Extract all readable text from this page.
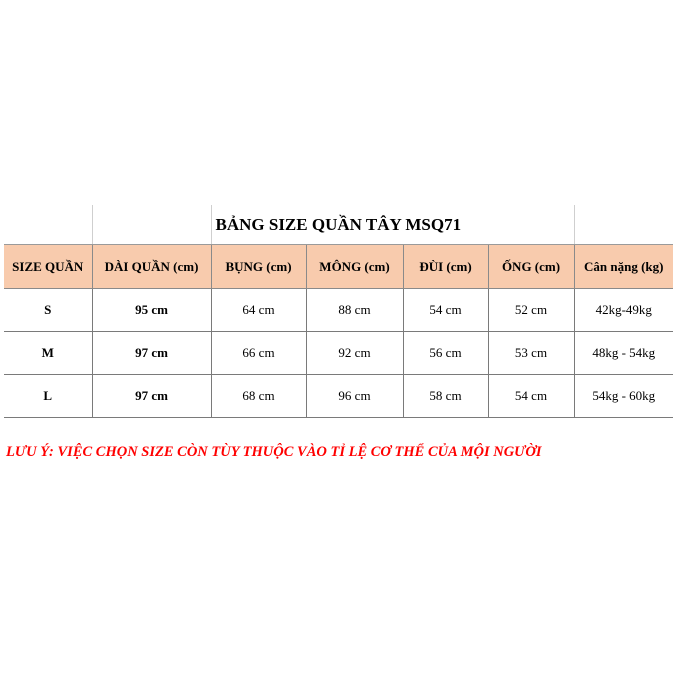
		BẢNG SIZE QUẦN TÂY MSQ71				
SIZE QUẦN	DÀI QUẦN (cm)	BỤNG (cm)	MÔNG (cm)	ĐÙI (cm)	ỐNG (cm)	Cân nặng (kg)
S	95 cm	64 cm	88 cm	54 cm	52 cm	42kg-49kg
M	97 cm	66 cm	92 cm	56 cm	53 cm	48kg - 54kg
L	97 cm	68 cm	96 cm	58 cm	54 cm	54kg - 60kg
LƯU Ý: VIỆC CHỌN SIZE CÒN TÙY THUỘC VÀO TỈ LỆ CƠ THỂ CỦA MỘI NGƯỜI
